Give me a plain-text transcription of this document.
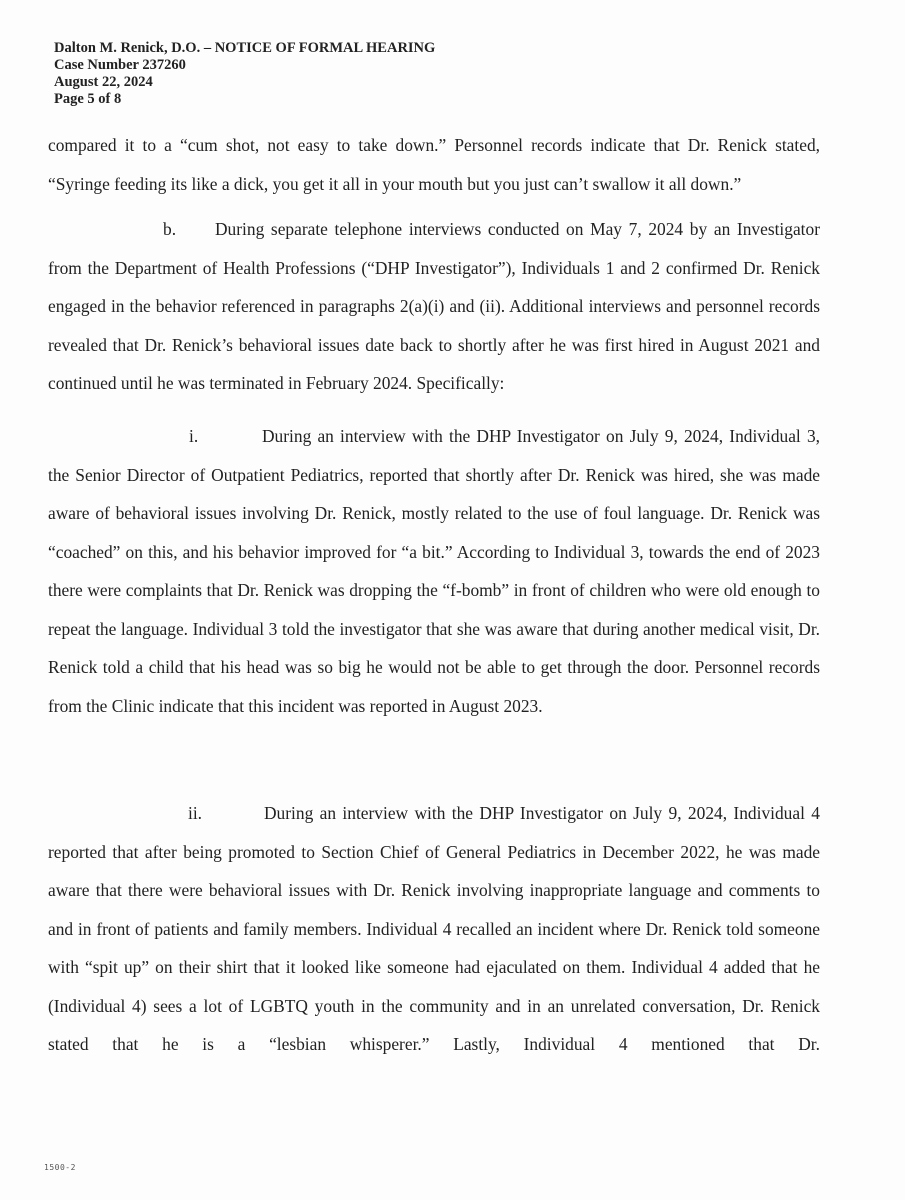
Dalton M. Renick, D.O. – NOTICE OF FORMAL HEARING
Case Number 237260
August 22, 2024
Page 5 of 8

compared it to a “cum shot, not easy to take down.” Personnel records indicate that Dr. Renick stated, “Syringe feeding its like a dick, you get it all in your mouth but you just can’t swallow it all down.”

b. During separate telephone interviews conducted on May 7, 2024 by an Investigator from the Department of Health Professions (“DHP Investigator”), Individuals 1 and 2 confirmed Dr. Renick engaged in the behavior referenced in paragraphs 2(a)(i) and (ii). Additional interviews and personnel records revealed that Dr. Renick’s behavioral issues date back to shortly after he was first hired in August 2021 and continued until he was terminated in February 2024. Specifically:

i.	During an interview with the DHP Investigator on July 9, 2024, Individual 3, the Senior Director of Outpatient Pediatrics, reported that shortly after Dr. Renick was hired, she was made aware of behavioral issues involving Dr. Renick, mostly related to the use of foul language. Dr. Renick was “coached” on this, and his behavior improved for “a bit.” According to Individual 3, towards the end of 2023 there were complaints that Dr. Renick was dropping the “f-bomb” in front of children who were old enough to repeat the language. Individual 3 told the investigator that she was aware that during another medical visit, Dr. Renick told a child that his head was so big he would not be able to get through the door. Personnel records from the Clinic indicate that this incident was reported in August 2023.

ii.	During an interview with the DHP Investigator on July 9, 2024, Individual 4 reported that after being promoted to Section Chief of General Pediatrics in December 2022, he was made aware that there were behavioral issues with Dr. Renick involving inappropriate language and comments to and in front of patients and family members. Individual 4 recalled an incident where Dr. Renick told someone with “spit up” on their shirt that it looked like someone had ejaculated on them. Individual 4 added that he (Individual 4) sees a lot of LGBTQ youth in the community and in an unrelated conversation, Dr. Renick stated that he is a “lesbian whisperer.” Lastly, Individual 4 mentioned that Dr.

1500-2
